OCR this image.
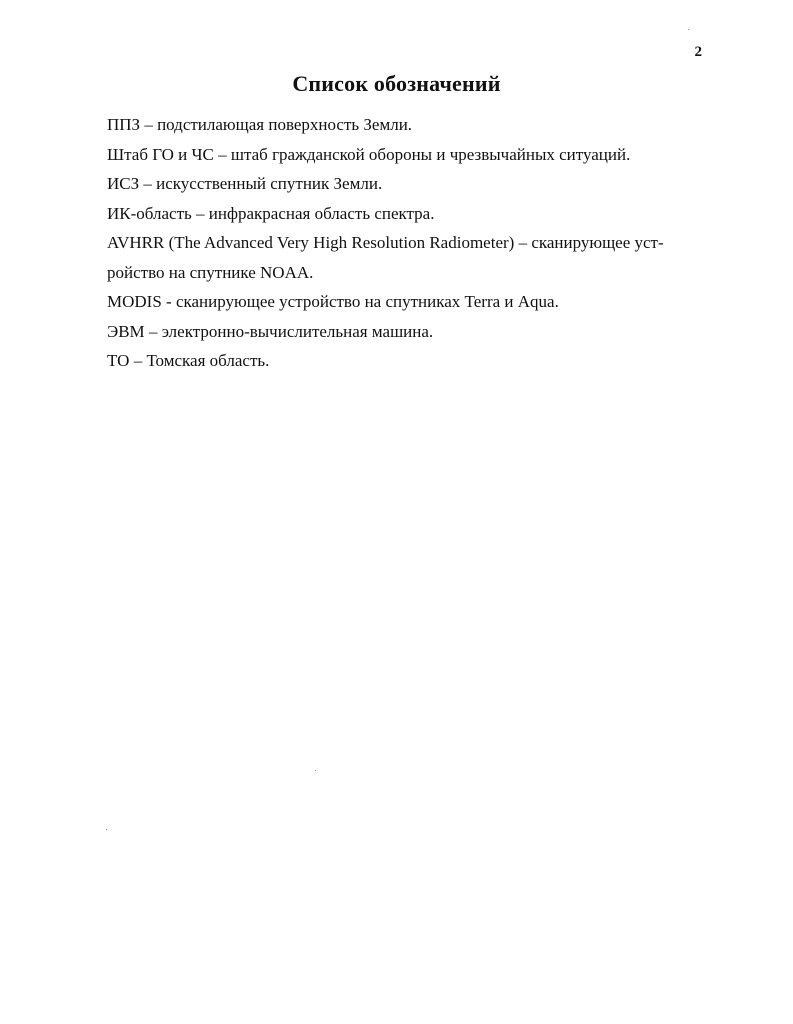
2
Список обозначений

ППЗ – подстилающая поверхность Земли.

Штаб ГО и ЧС – штаб гражданской обороны и чрезвычайных ситуаций.

ИСЗ – искусственный спутник Земли.

ИК-область – инфракрасная область спектра.

AVHRR (The Advanced Very High Resolution Radiometer) – сканирующее уст-

ройство на спутнике NOAA.

MODIS - сканирующее устройство на спутниках Terra и Aqua.

ЭВМ – электронно-вычислительная машина.

ТО – Томская область.
